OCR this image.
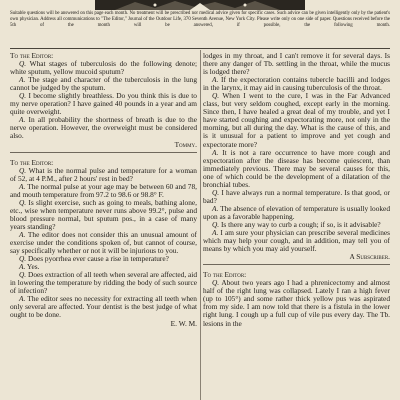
Suitable questions will be answered on this page each month. No treatment will be prescribed nor medical advice given for specific cases. Such advice can be given intelligently only by the patient's own physician. Address all communications to "The Editor," Journal of the Outdoor Life, 370 Seventh Avenue, New York City. Please write only on one side of paper. Questions received before the 5th of the month will be answered, if possible, the following month.

To the Editor:

Q. What stages of tuberculosis do the following denote; white sputum, yellow mucoid sputum?

A. The stage and character of the tuberculosis in the lung cannot be judged by the sputum.

Q. I become slightly breathless. Do you think this is due to my nerve operation? I have gained 40 pounds in a year and am quite overweight.

A. In all probability the shortness of breath is due to the nerve operation. However, the overweight must be considered also.

Tommy.

To the Editor:

Q. What is the normal pulse and temperature for a woman of 52, at 4 P.M., after 2 hours' rest in bed?

A. The normal pulse at your age may be between 60 and 78, and mouth temperature from 97.2 to 98.6 or 98.8° F.

Q. Is slight exercise, such as going to meals, bathing alone, etc., wise when temperature never runs above 99.2°, pulse and blood pressure normal, but sputum pos., in a case of many years standing?

A. The editor does not consider this an unusual amount of exercise under the conditions spoken of, but cannot of course, say specifically whether or not it will be injurious to you.

Q. Does pyorrhea ever cause a rise in temperature?

A. Yes.

Q. Does extraction of all teeth when several are affected, aid in lowering the temperature by ridding the body of such source of infection?

A. The editor sees no necessity for extracting all teeth when only several are affected. Your dentist is the best judge of what ought to be done.

E. W. M.

lodges in my throat, and I can't remove it for several days. Is there any danger of Tb. settling in the throat, while the mucus is lodged there?

A. If the expectoration contains tubercle bacilli and lodges in the larynx, it may aid in causing tuberculosis of the throat.

Q. When I went to the cure, I was in the Far Advanced class, but very seldom coughed, except early in the morning. Since then, I have healed a great deal of my trouble, and yet I have started coughing and expectorating more, not only in the morning, but all during the day. What is the cause of this, and is it unusual for a patient to improve and yet cough and expectorate more?

A. It is not a rare occurrence to have more cough and expectoration after the disease has become quiescent, than immediately previous. There may be several causes for this, one of which could be the development of a dilatation of the bronchial tubes.

Q. I have always run a normal temperature. Is that good, or bad?

A. The absence of elevation of temperature is usually looked upon as a favorable happening.

Q. Is there any way to curb a cough; if so, is it advisable?

A. I am sure your physician can prescribe several medicines which may help your cough, and in addition, may tell you of means by which you may aid yourself.

A Subscriber.

To the Editor:

Q. About two years ago I had a phrenicectomy and almost half of the right lung was collapsed. Lately I ran a high fever (up to 105°) and some rather thick yellow pus was aspirated from my side. I am now told that there is a fistula in the lower right lung. I cough up a full cup of vile pus every day. The Tb. lesions in the
